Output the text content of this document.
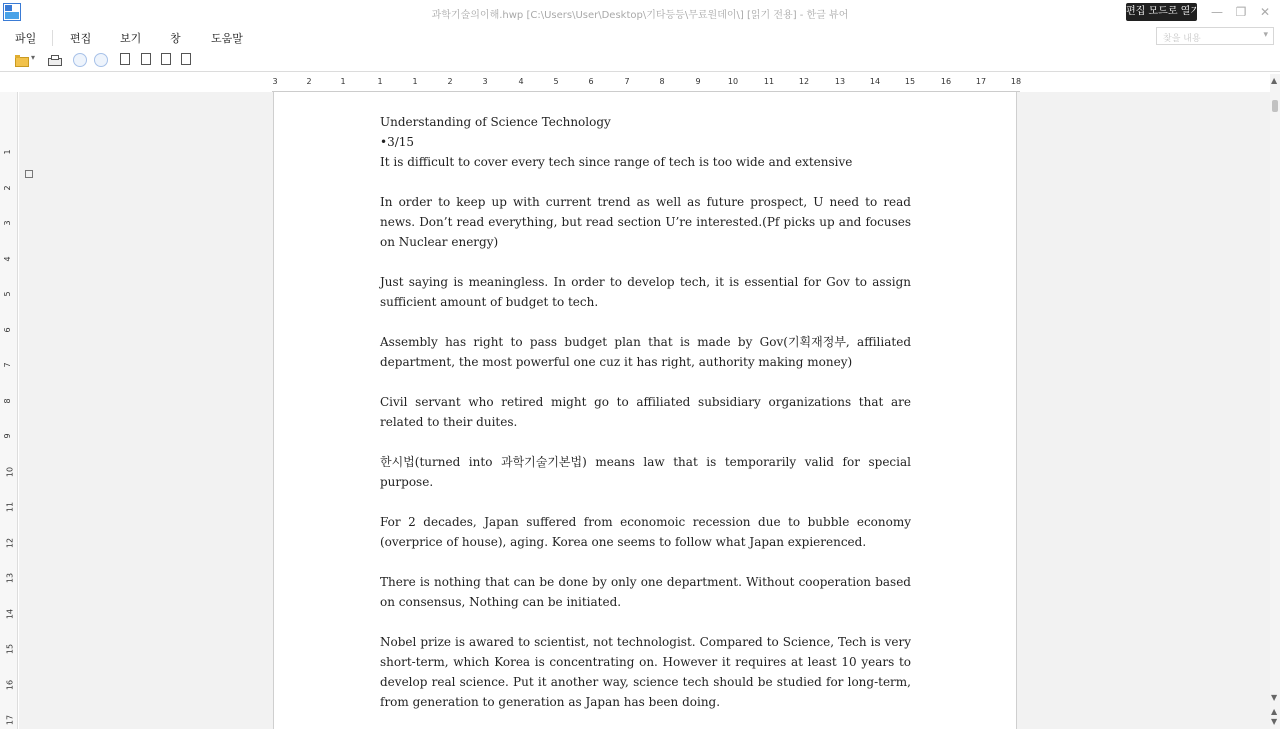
과학기술의이해.hwp [C:\Users\User\Desktop\기타등등\무료원데이\] [읽기 전용] - 한글 뷰어	편집 모드로 열기 — ❐ ✕
파일	편집	보기	창	도움말	찾을 내용	▾
▾
3	2	1	1	1	2	3	4	5	6	7	8	9	10	11	12	13	14	15	16	17	18
1
2
3
4
5
6
7
8
9
10
11
12
13
14
15
16
17
Understanding of Science Technology
•3/15
It is difficult to cover every tech since range of tech is too wide and extensive
In order to keep up with current trend as well as future prospect, U need to read news. Don’t read everything, but read section U’re interested.(Pf picks up and focuses on Nuclear energy)
Just saying is meaningless. In order to develop tech, it is essential for Gov to assign sufficient amount of budget to tech.
Assembly has right to pass budget plan that is made by Gov(기획재정부, affiliated department, the most powerful one cuz it has right, authority making money)
Civil servant who retired might go to affiliated subsidiary organizations that are related to their duites.
한시법(turned into 과학기술기본법) means law that is temporarily valid for special purpose.
For 2 decades, Japan suffered from economoic recession due to bubble economy (overprice of house), aging. Korea one seems to follow what Japan expierenced.
There is nothing that can be done by only one department. Without cooperation based on consensus, Nothing can be initiated.
Nobel prize is awared to scientist, not technologist. Compared to Science, Tech is very short-term, which Korea is concentrating on. However it requires at least 10 years to develop real science. Put it another way, science tech should be studied for long-term, from generation to generation as Japan has been doing.
▲
▼
▲
▼
